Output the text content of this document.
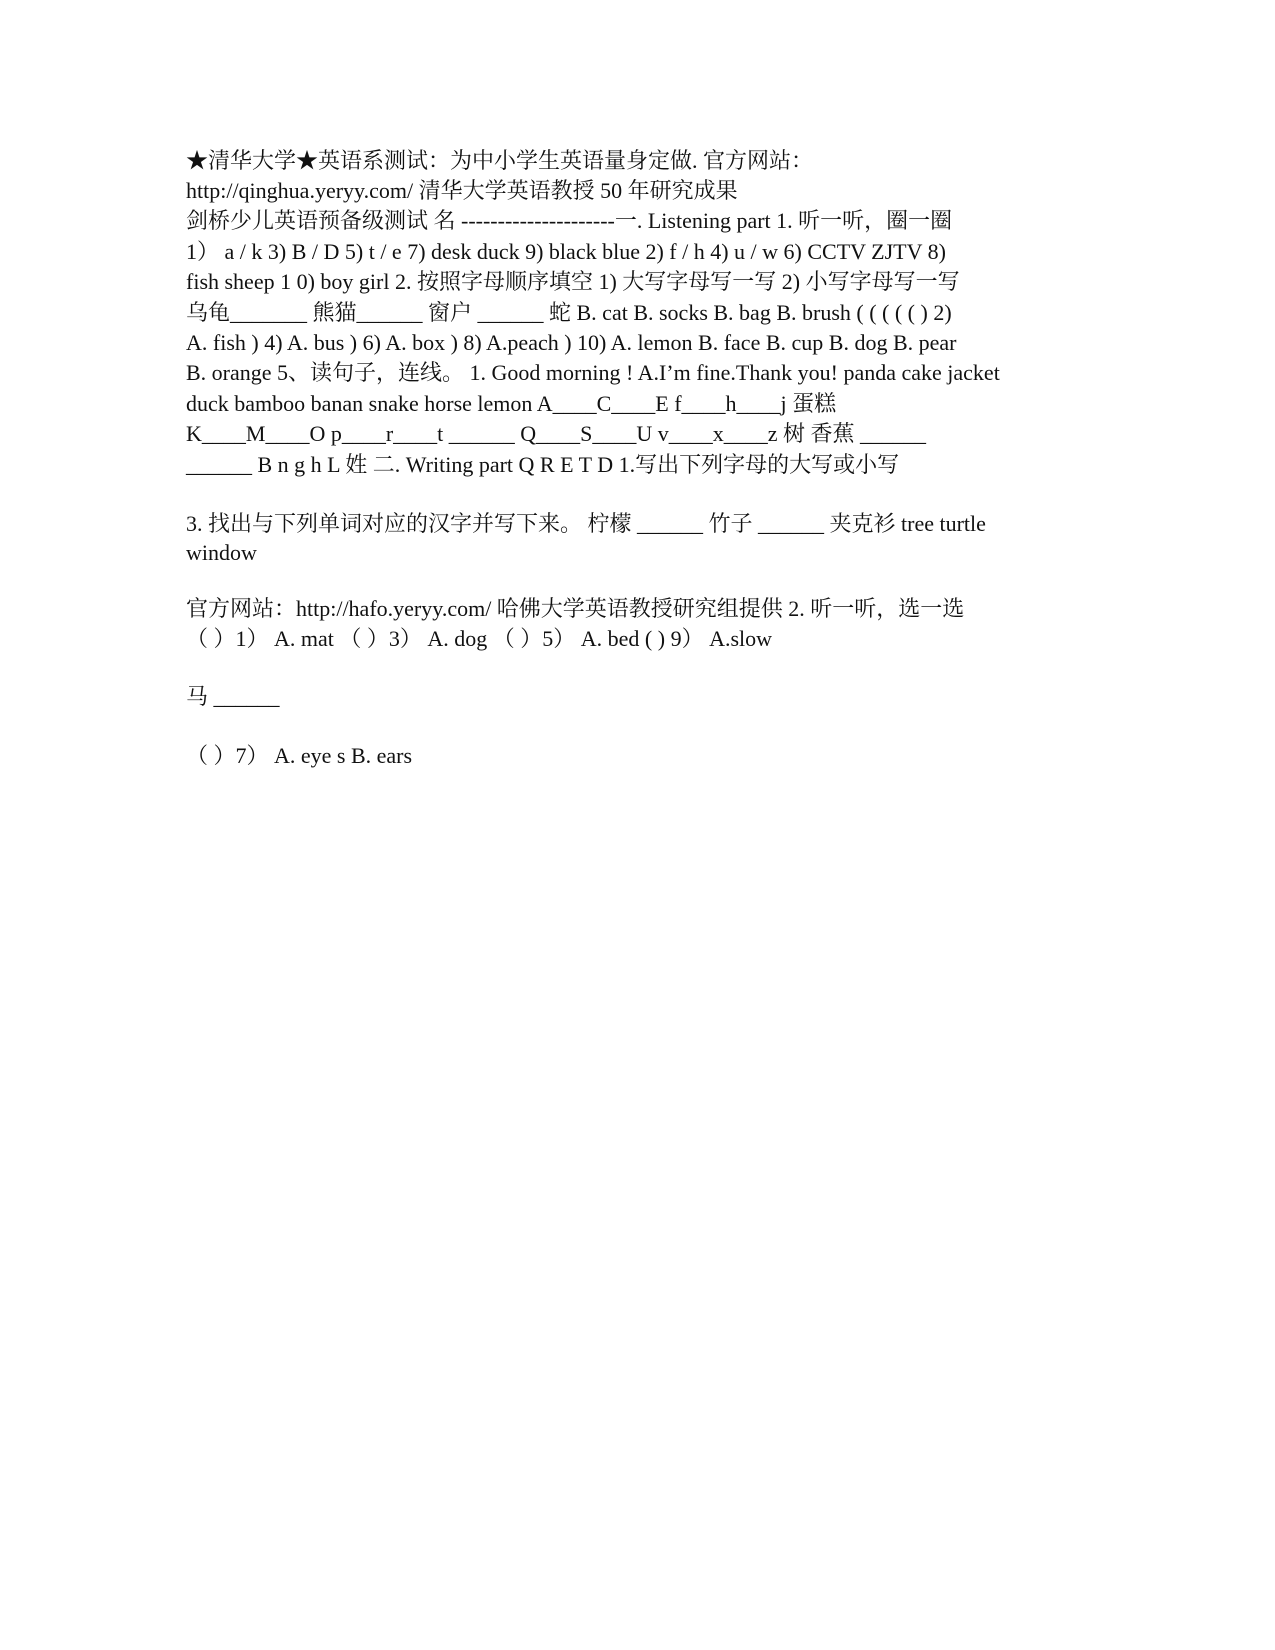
★清华大学★英语系测试：为中小学生英语量身定做. 官方网站：
http://qinghua.yeryy.com/ 清华大学英语教授 50 年研究成果
剑桥少儿英语预备级测试 名 ---------------------一. Listening part 1. 听一听，圈一圈
1） a / k 3) B / D 5) t / e 7) desk duck 9) black blue 2) f / h 4) u / w 6) CCTV ZJTV 8)
fish sheep 1 0) boy girl 2. 按照字母顺序填空 1) 大写字母写一写 2) 小写字母写一写
乌龟_______ 熊猫______ 窗户 ______ 蛇 B. cat B. socks B. bag B. brush ( ( ( ( ( ) 2)
A. fish ) 4) A. bus ) 6) A. box ) 8) A.peach ) 10) A. lemon B. face B. cup B. dog B. pear
B. orange 5、读句子，连线。 1. Good morning ! A.I’m fine.Thank you! panda cake jacket
duck bamboo banan snake horse lemon A____C____E f____h____j 蛋糕
K____M____O p____r____t ______ Q____S____U v____x____z 树 香蕉 ______
______ B n g h L 姓 二. Writing part Q R E T D 1.写出下列字母的大写或小写
3. 找出与下列单词对应的汉字并写下来。 柠檬 ______ 竹子 ______ 夹克衫 tree turtle
window
官方网站：http://hafo.yeryy.com/ 哈佛大学英语教授研究组提供 2. 听一听，选一选
（ ）1） A. mat （ ）3） A. dog （ ）5） A. bed ( ) 9） A.slow
马 ______
（ ）7） A. eye s B. ears
